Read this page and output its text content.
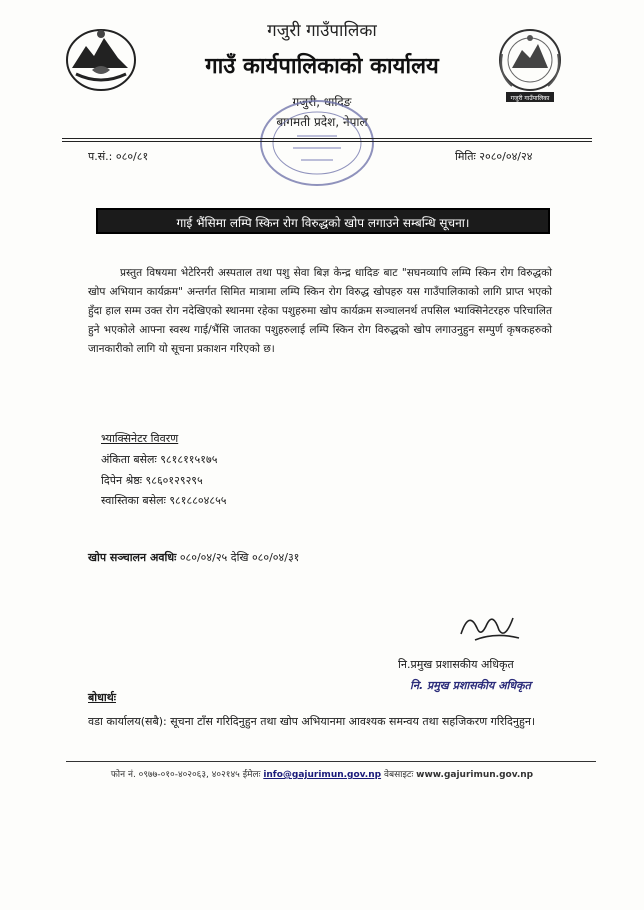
गजुरी गाउँपालिका
गजुरी गाउँपालिका
गाउँ कार्यपालिकाको कार्यालय
गजुरी, धादिङ
बागमती प्रदेश, नेपाल
प.सं.: ०८०/८१	मितिः २०८०/०४/२४
गाई भैंसिमा लम्पि स्किन रोग विरुद्धको खोप लगाउने सम्बन्धि सूचना।
प्रस्तुत विषयमा भेटेरिनरी अस्पताल तथा पशु सेवा बिज्ञ केन्द्र धादिङ बाट "सघनव्यापि लम्पि स्किन रोग विरुद्धको खोप अभियान कार्यक्रम" अन्तर्गत सिमित मात्रामा लम्पि स्किन रोग विरुद्ध खोपहरु यस गाउँपालिकाको लागि प्राप्त भएको हुँदा हाल सम्म उक्त रोग नदेखिएको स्थानमा रहेका पशुहरुमा खोप कार्यक्रम सञ्चालनर्थ तपसिल भ्याक्सिनेटरहरु परिचालित हुने भएकोले आफ्ना स्वस्थ गाई/भैंसि जातका पशुहरुलाई लम्पि स्किन रोग विरुद्धको खोप लगाउनुहुन सम्पुर्ण कृषकहरुको जानकारीको लागि यो सूचना प्रकाशन गरिएको छ।
भ्याक्सिनेटर विवरण
अंकिता बसेलः ९८१८११५१७५
दिपेन श्रेष्ठः ९८६०१२९२९५
स्वास्तिका बसेलः ९८१८८०४८५५
खोप सञ्चालन अवधिः ०८०/०४/२५ देखि ०८०/०४/३१
नि.प्रमुख प्रशासकीय अधिकृत
नि. प्रमुख प्रशासकीय अधिकृत
बोधार्थः
वडा कार्यालय(सबै): सूचना टाँस गरिदिनुहुन तथा खोप अभियानमा आवश्यक समन्वय तथा सहजिकरण गरिदिनुहुन।
फोन नं. ०९७७-०१०-४०२०६३, ४०२१४५ ईमेलः info@gajurimun.gov.np वेबसाइटः www.gajurimun.gov.np
